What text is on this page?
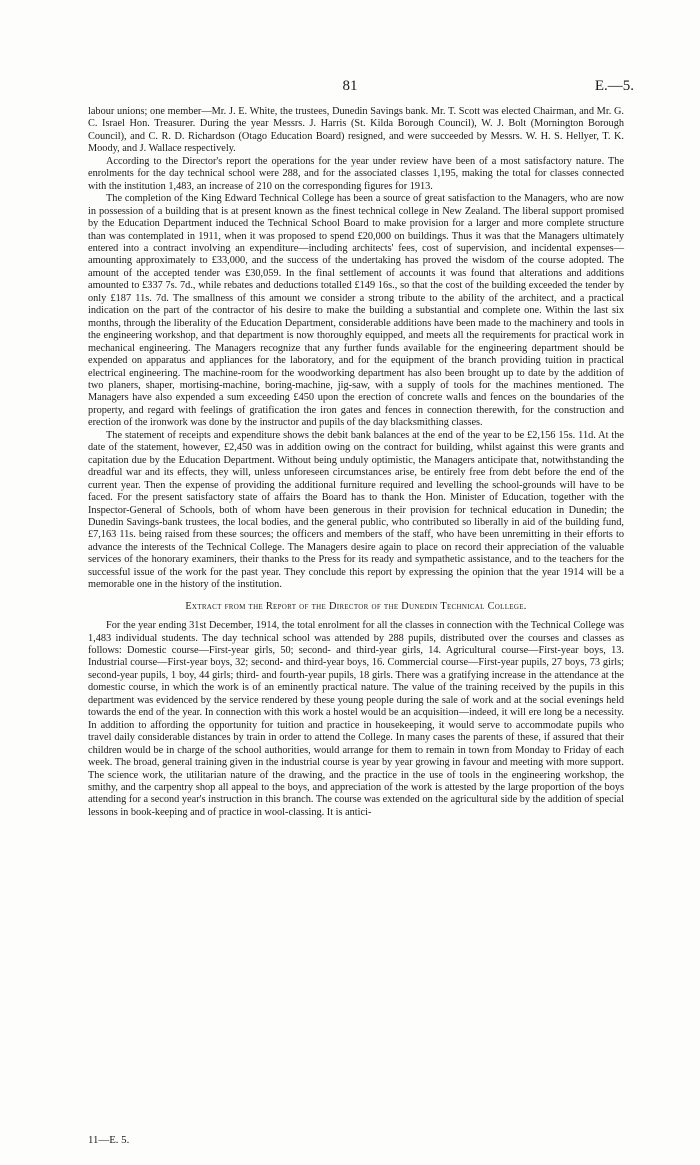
81	E.—5.

labour unions; one member—Mr. J. E. White, the trustees, Dunedin Savings bank. Mr. T. Scott was elected Chairman, and Mr. G. C. Israel Hon. Treasurer. During the year Messrs. J. Harris (St. Kilda Borough Council), W. J. Bolt (Mornington Borough Council), and C. R. D. Richardson (Otago Education Board) resigned, and were succeeded by Messrs. W. H. S. Hellyer, T. K. Moody, and J. Wallace respectively.

According to the Director's report the operations for the year under review have been of a most satisfactory nature. The enrolments for the day technical school were 288, and for the associated classes 1,195, making the total for classes connected with the institution 1,483, an increase of 210 on the corresponding figures for 1913.

The completion of the King Edward Technical College has been a source of great satisfaction to the Managers, who are now in possession of a building that is at present known as the finest technical college in New Zealand. The liberal support promised by the Education Department induced the Technical School Board to make provision for a larger and more complete structure than was contemplated in 1911, when it was proposed to spend £20,000 on buildings. Thus it was that the Managers ultimately entered into a contract involving an expenditure—including architects' fees, cost of supervision, and incidental expenses—amounting approximately to £33,000, and the success of the undertaking has proved the wisdom of the course adopted. The amount of the accepted tender was £30,059. In the final settlement of accounts it was found that alterations and additions amounted to £337 7s. 7d., while rebates and deductions totalled £149 16s., so that the cost of the building exceeded the tender by only £187 11s. 7d. The smallness of this amount we consider a strong tribute to the ability of the architect, and a practical indication on the part of the contractor of his desire to make the building a substantial and complete one. Within the last six months, through the liberality of the Education Department, considerable additions have been made to the machinery and tools in the engineering workshop, and that department is now thoroughly equipped, and meets all the requirements for practical work in mechanical engineering. The Managers recognize that any further funds available for the engineering department should be expended on apparatus and appliances for the laboratory, and for the equipment of the branch providing tuition in practical electrical engineering. The machine-room for the woodworking department has also been brought up to date by the addition of two planers, shaper, mortising-machine, boring-machine, jig-saw, with a supply of tools for the machines mentioned. The Managers have also expended a sum exceeding £450 upon the erection of concrete walls and fences on the boundaries of the property, and regard with feelings of gratification the iron gates and fences in connection therewith, for the construction and erection of the ironwork was done by the instructor and pupils of the day blacksmithing classes.

The statement of receipts and expenditure shows the debit bank balances at the end of the year to be £2,156 15s. 11d. At the date of the statement, however, £2,450 was in addition owing on the contract for building, whilst against this were grants and capitation due by the Education Department. Without being unduly optimistic, the Managers anticipate that, notwithstanding the dreadful war and its effects, they will, unless unforeseen circumstances arise, be entirely free from debt before the end of the current year. Then the expense of providing the additional furniture required and levelling the school-grounds will have to be faced. For the present satisfactory state of affairs the Board has to thank the Hon. Minister of Education, together with the Inspector-General of Schools, both of whom have been generous in their provision for technical education in Dunedin; the Dunedin Savings-bank trustees, the local bodies, and the general public, who contributed so liberally in aid of the building fund, £7,163 11s. being raised from these sources; the officers and members of the staff, who have been unremitting in their efforts to advance the interests of the Technical College. The Managers desire again to place on record their appreciation of the valuable services of the honorary examiners, their thanks to the Press for its ready and sympathetic assistance, and to the teachers for the successful issue of the work for the past year. They conclude this report by expressing the opinion that the year 1914 will be a memorable one in the history of the institution.

Extract from the Report of the Director of the Dunedin Technical College.

For the year ending 31st December, 1914, the total enrolment for all the classes in connection with the Technical College was 1,483 individual students. The day technical school was attended by 288 pupils, distributed over the courses and classes as follows: Domestic course—First-year girls, 50; second- and third-year girls, 14. Agricultural course—First-year boys, 13. Industrial course—First-year boys, 32; second- and third-year boys, 16. Commercial course—First-year pupils, 27 boys, 73 girls; second-year pupils, 1 boy, 44 girls; third- and fourth-year pupils, 18 girls. There was a gratifying increase in the attendance at the domestic course, in which the work is of an eminently practical nature. The value of the training received by the pupils in this department was evidenced by the service rendered by these young people during the sale of work and at the social evenings held towards the end of the year. In connection with this work a hostel would be an acquisition—indeed, it will ere long be a necessity. In addition to affording the opportunity for tuition and practice in housekeeping, it would serve to accommodate pupils who travel daily considerable distances by train in order to attend the College. In many cases the parents of these, if assured that their children would be in charge of the school authorities, would arrange for them to remain in town from Monday to Friday of each week. The broad, general training given in the industrial course is year by year growing in favour and meeting with more support. The science work, the utilitarian nature of the drawing, and the practice in the use of tools in the engineering workshop, the smithy, and the carpentry shop all appeal to the boys, and appreciation of the work is attested by the large proportion of the boys attending for a second year's instruction in this branch. The course was extended on the agricultural side by the addition of special lessons in book-keeping and of practice in wool-classing. It is antici-

11—E. 5.
